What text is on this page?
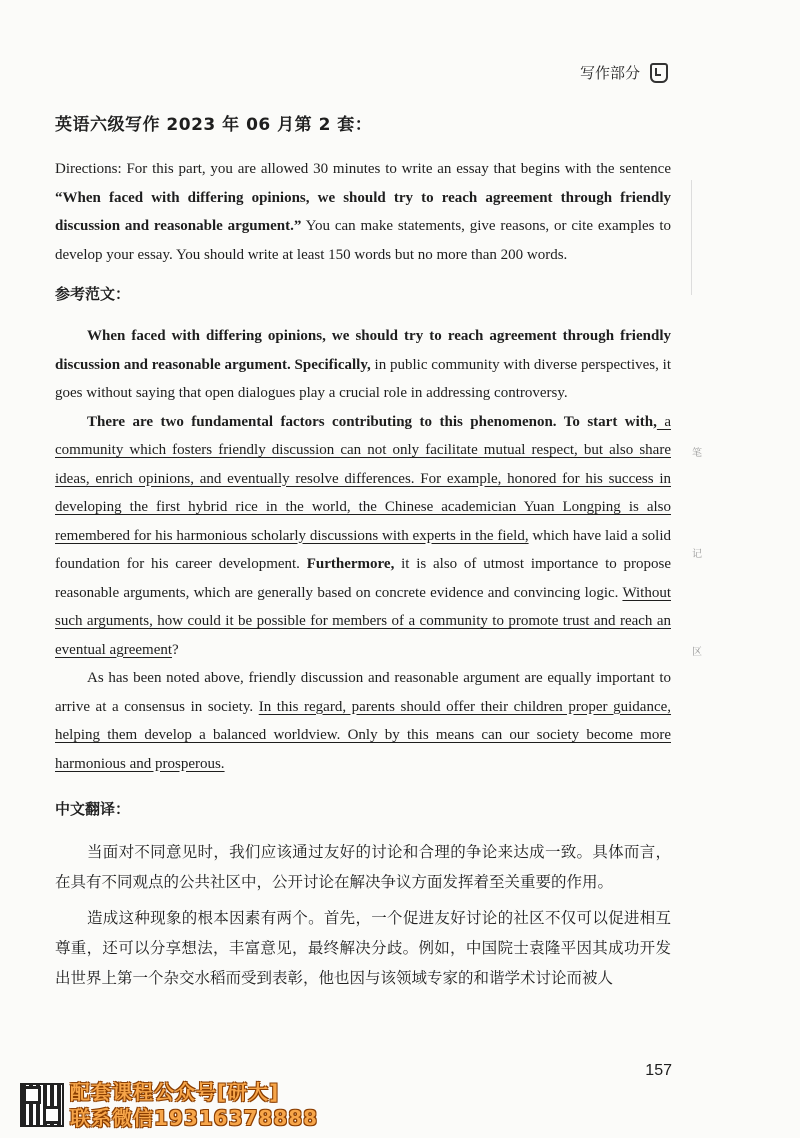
写作部分
笔
记
区
英语六级写作 2023 年 06 月第 2 套：

Directions: For this part, you are allowed 30 minutes to write an essay that begins with the sentence “When faced with differing opinions, we should try to reach agreement through friendly discussion and reasonable argument.” You can make statements, give reasons, or cite examples to develop your essay. You should write at least 150 words but no more than 200 words.

参考范文：

When faced with differing opinions, we should try to reach agreement through friendly discussion and reasonable argument. Specifically, in public community with diverse perspectives, it goes without saying that open dialogues play a crucial role in addressing controversy.

There are two fundamental factors contributing to this phenomenon. To start with, a community which fosters friendly discussion can not only facilitate mutual respect, but also share ideas, enrich opinions, and eventually resolve differences. For example, honored for his success in developing the first hybrid rice in the world, the Chinese academician Yuan Longping is also remembered for his harmonious scholarly discussions with experts in the field, which have laid a solid foundation for his career development. Furthermore, it is also of utmost importance to propose reasonable arguments, which are generally based on concrete evidence and convincing logic. Without such arguments, how could it be possible for members of a community to promote trust and reach an eventual agreement?

As has been noted above, friendly discussion and reasonable argument are equally important to arrive at a consensus in society. In this regard, parents should offer their children proper guidance, helping them develop a balanced worldview. Only by this means can our society become more harmonious and prosperous.

中文翻译：

当面对不同意见时，我们应该通过友好的讨论和合理的争论来达成一致。具体而言，在具有不同观点的公共社区中，公开讨论在解决争议方面发挥着至关重要的作用。

造成这种现象的根本因素有两个。首先，一个促进友好讨论的社区不仅可以促进相互尊重，还可以分享想法，丰富意见，最终解决分歧。例如，中国院士袁隆平因其成功开发出世界上第一个杂交水稻而受到表彰，他也因与该领域专家的和谐学术讨论而被人

157
配套课程公众号[研大]
联系微信19316378888
